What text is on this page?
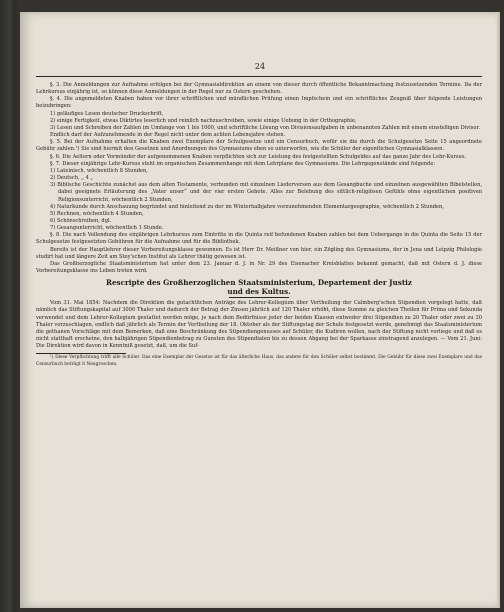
24

§. 3. Die Anmeldungen zur Aufnahme erfolgen bei der Gymnasialdirektion an einem von dieser durch öffentliche Bekanntmachung festzusetzenden Termine. Da der Lehrkursus einjährig ist, so können diese Anmeldungen in der Regel nur zu Ostern geschehen.

§. 4. Die angemeldeten Knaben haben vor ihrer schriftlichen und mündlichen Prüfung einen Impfschein und ein schriftliches Zeugniß über folgende Leistungen beizubringen:

1) geläufiges Lesen deutscher Druckschrift,

2) einige Fertigkeit, etwas Diktirtes leserlich und reinlich nachzuschreiben, sowie einige Uebung in der Orthographie,

3) Lesen und Schreiben der Zahlen im Umfange von 1 bis 1000, und schriftliche Lösung von Divisionsaufgaben in unbenannten Zahlen mit einem einstelligen Divisor.

Endlich darf der Aufzunehmende in der Regel nicht unter dem achten Lebensjahre stehen.

§. 5. Bei der Aufnahme erhalten die Knaben zwei Exemplare der Schulgesetze und ein Censurbuch, wofür sie die durch die Schulgesetze Seite 15 angeordnete Gebühr zahlen.¹) Sie sind hiermit den Gesetzen und Anordnungen des Gymnasiums eben so unterworfen, wie die Schüler der eigentlichen Gymnasialklassen.

§. 6. Die Aeltern oder Vormünder der aufgenommenen Knaben verpflichten sich zur Leistung des festgestellten Schulgeldes auf das ganze Jahr des Lehr-Kursus.

§. 7. Dieser einjährige Lehr-Kursus steht im organischen Zusammenhange mit dem Lehrplane des Gymnasiums. Die Lehrgegenstände sind folgende:

1) Lateinisch, wöchentlich 8 Stunden,

2) Deutsch, „ 4 „

3) Biblische Geschichte zunächst aus dem alten Testamente, verbunden mit einzelnen Liederversen aus dem Gesangbuche und einzelnen ausgewählten Bibelstellen, dabei geeignete Erläuterung des „Vater unser“ und der vier ersten Gebote. Alles zur Belebung des sittlich-religiösen Gefühls ohne eigentlichen positiven Religionsunterricht, wöchentlich 2 Stunden,

4) Naturkunde durch Anschauung begründet und hinleitend zu der im Winterhalbjahre vorzunehmenden Elementargeographie, wöchentlich 2 Stunden,

5) Rechnen, wöchentlich 4 Stunden,

6) Schönschreiben, dgl.

7) Gesangunterricht, wöchentlich 1 Stunde.

§. 8. Die nach Vollendung des einjährigen Lehrkursus zum Eintritte in die Quinta reif befundenen Knaben zahlen bei dem Uebergange in die Quinta die Seite 15 der Schulgesetze festgesetzten Gebühren für die Aufnahme und für die Bibliothek.

Bereits ist der Hauptlehrer dieser Vorbereitungsklasse gewonnen. Es ist Herr Dr. Meißner von hier, ein Zögling des Gymnasiums, der in Jena und Leipzig Philologie studirt hat und längere Zeit am Stoy'schen Institut als Lehrer thätig gewesen ist.

Das Großherzogliche Staatsministerium hat unter dem 23. Januar d. J. in Nr. 29 des Eisenacher Kreisblattes bekannt gemacht, daß mit Ostern d. J. diese Vorbereitungsklasse ins Leben treten wird.

Rescripte des Großherzoglichen Staatsministerium, Departement der Justiz
und des Kultus.

Vom 31. Mai 1854: Nachdem die Direktion die gutachtlichen Anträge des Lehrer-Kollegium über Vertheilung der Calmberg'schen Stipendien vorgelegt hatte, daß nämlich das Stiftungskapital auf 3000 Thaler und dadurch der Betrag der Zinsen jährlich auf 120 Thaler erhöht, diese Summe zu gleichen Theilen für Prima und Sekunda verwendet und dem Lehrer-Kollegium gestattet werden möge, je nach dem Bedürfnisse jeder der beiden Klassen entweder drei Stipendien zu 20 Thaler oder zwei zu 30 Thaler vorzuschlagen, endlich daß jährlich als Termin der Vertheilung der 18. Oktober als der Stiftungstag der Schule festgesetzt werde, genehmigt das Staatsministerium die gethanen Vorschläge mit dem Bemerken, daß eine Beschränkung des Stipendiengenusses auf Schüler, die Kudiren wollen, nach der Stiftung nicht vorliege und daß es nicht statthaft erscheine, den halbjährigen Stipendienbetrag zu Gunsten des Stipendiaten bis zu dessen Abgang bei der Sparkasse zinstragend anzulegen. — Vom 21. Juni: Die Direktion wird davon in Kenntniß gesetzt, daß, um die Suf-

¹) Diese Verpflichtung trifft alle Schüler. Das eine Exemplar der Gesetze ist für das älterliche Haus, das andere für den Schüler selbst bestimmt. Die Gebühr für diese zwei Exemplare und das Censurbuch beträgt 8 Neugroschen.
